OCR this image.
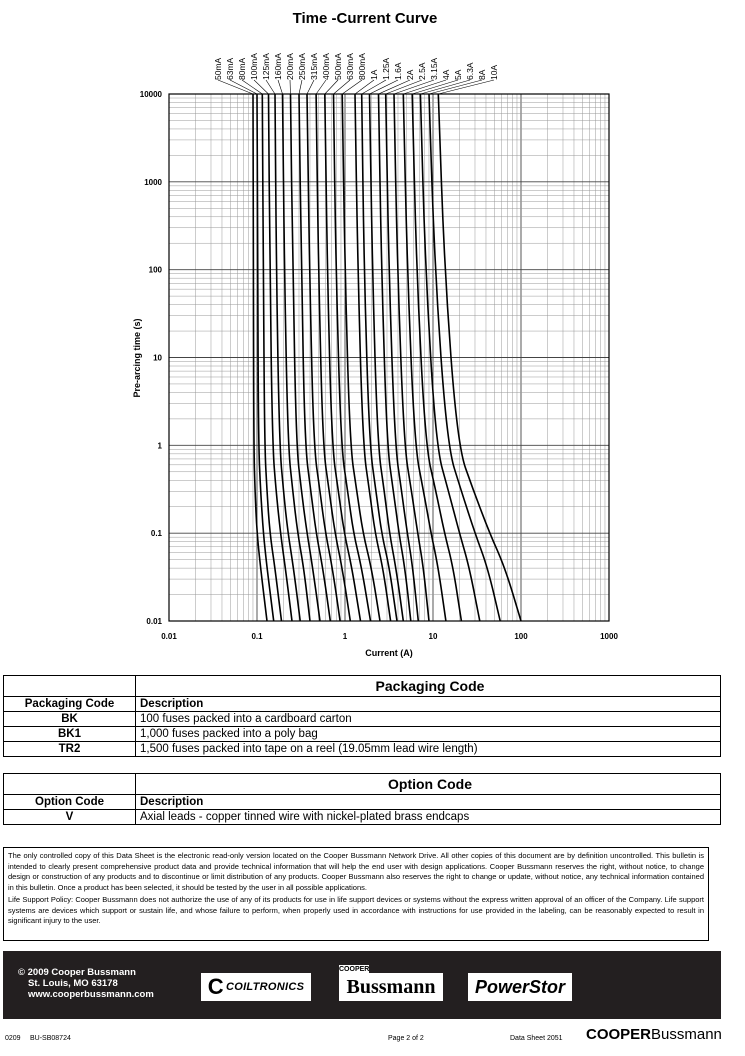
Time -Current Curve
0.01	0.1	1	10	100	1000
0.01
0.1
1
10
100
1000
10000
50mA 63mA 80mA 100mA 125mA 160mA 200mA 250mA 315mA 400mA 500mA 630mA 800mA 1A 1.25A 1.6A 2A 2.5A 3.15A 4A 5A 6.3A 8A 10A
Current (A)
Pre-arcing time (s)
	Packaging Code
Packaging Code	Description
BK	100 fuses packed into a cardboard carton
BK1	1,000 fuses packed into a poly bag
TR2	1,500 fuses packed into tape on a reel (19.05mm lead wire length)
	Option Code
Option Code	Description
V	Axial leads - copper tinned wire with nickel-plated brass endcaps

The only controlled copy of this Data Sheet is the electronic read-only version located on the Cooper Bussmann Network Drive. All other copies of this document are by definition uncontrolled. This bulletin is intended to clearly present comprehensive product data and provide technical information that will help the end user with design applications. Cooper Bussmann reserves the right, without notice, to change design or construction of any products and to discontinue or limit distribution of any products. Cooper Bussmann also reserves the right to change or update, without notice, any technical information contained in this bulletin. Once a product has been selected, it should be tested by the user in all possible applications.

Life Support Policy: Cooper Bussmann does not authorize the use of any of its products for use in life support devices or systems without the express written approval of an officer of the Company. Life support systems are devices which support or sustain life, and whose failure to perform, when properly used in accordance with instructions for use provided in the labeling, can be reasonably expected to result in significant injury to the user.

© 2009 Cooper Bussmann
St. Louis, MO 63178
www.cooperbussmann.com C COILTRONICS
COOPER
Bussmann	PowerStor
0209 BU-SB08724	Page 2 of 2	Data Sheet 2051 COOPERBussmann
